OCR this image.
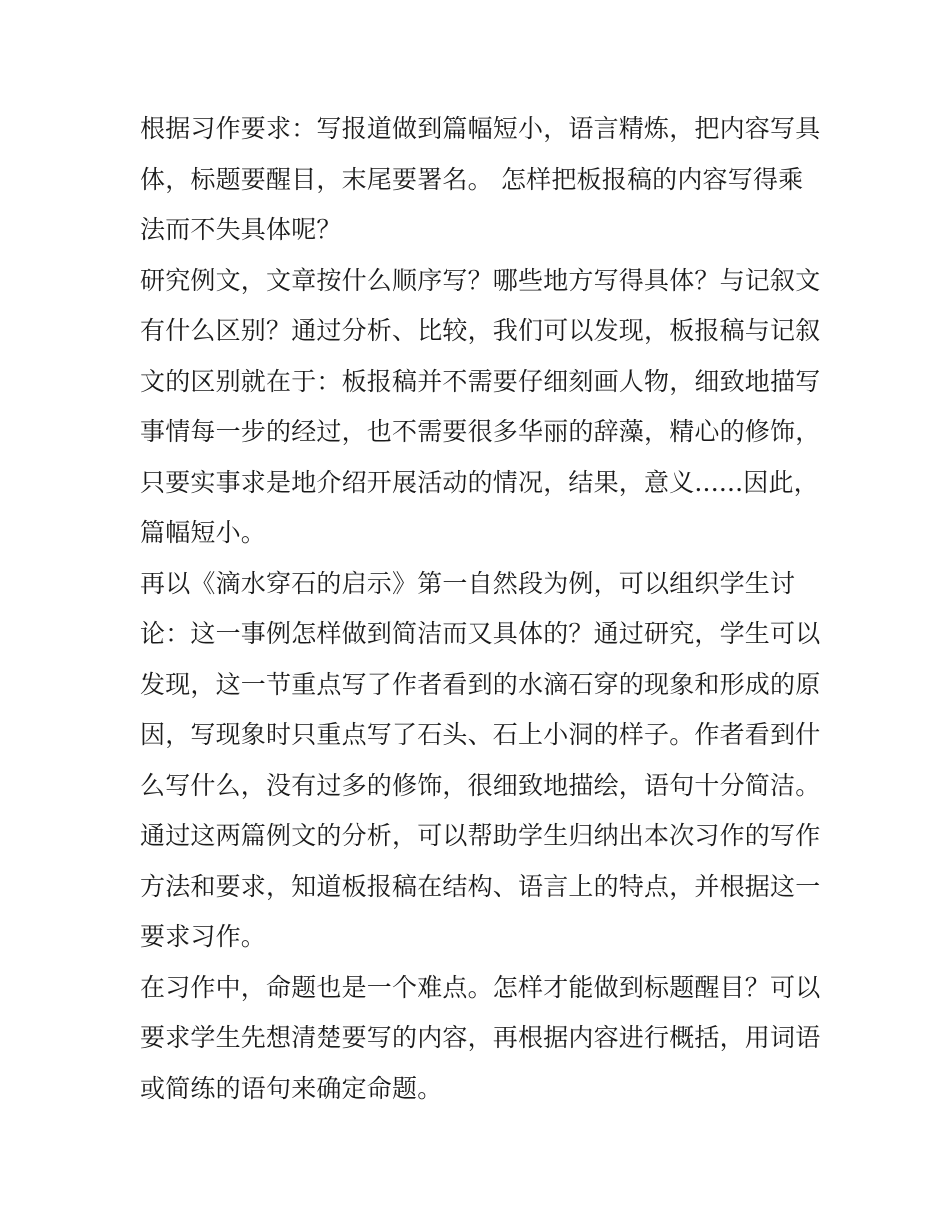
根据习作要求：写报道做到篇幅短小，语言精炼，把内容写具
体，标题要醒目，末尾要署名。 怎样把板报稿的内容写得乘
法而不失具体呢？
研究例文，文章按什么顺序写？哪些地方写得具体？与记叙文
有什么区别？通过分析、比较，我们可以发现，板报稿与记叙
文的区别就在于：板报稿并不需要仔细刻画人物，细致地描写
事情每一步的经过，也不需要很多华丽的辞藻，精心的修饰，
只要实事求是地介绍开展活动的情况，结果，意义......因此，
篇幅短小。
再以《滴水穿石的启示》第一自然段为例，可以组织学生讨
论：这一事例怎样做到简洁而又具体的？通过研究，学生可以
发现，这一节重点写了作者看到的水滴石穿的现象和形成的原
因，写现象时只重点写了石头、石上小洞的样子。作者看到什
么写什么，没有过多的修饰，很细致地描绘，语句十分简洁。
通过这两篇例文的分析，可以帮助学生归纳出本次习作的写作
方法和要求，知道板报稿在结构、语言上的特点，并根据这一
要求习作。
在习作中，命题也是一个难点。怎样才能做到标题醒目？可以
要求学生先想清楚要写的内容，再根据内容进行概括，用词语
或简练的语句来确定命题。
